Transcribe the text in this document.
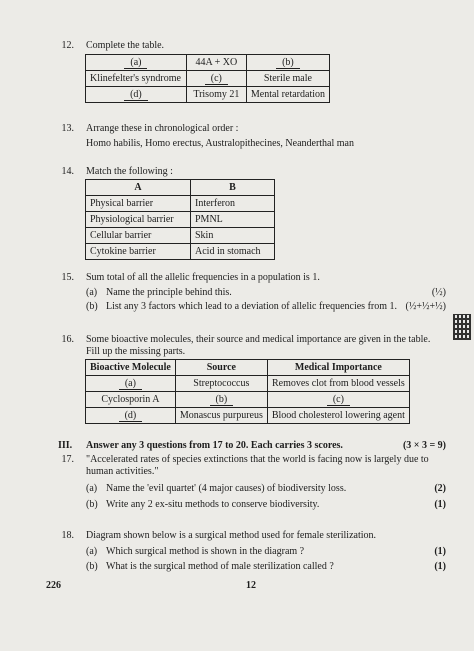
12. Complete the table.
(a)	44A + XO	(b)
Klinefelter's syndrome	(c)	Sterile male
(d)	Trisomy 21	Mental retardation
13. Arrange these in chronological order :
Homo habilis, Homo erectus, Australopithecines, Neanderthal man
14. Match the following :
A	B
Physical barrier	Interferon
Physiological barrier	PMNL
Cellular barrier	Skin
Cytokine barrier	Acid in stomach
15. Sum total of all the allelic frequencies in a population is 1.
(a) Name the principle behind this.	(½)
(b) List any 3 factors which lead to a deviation of allelic frequencies from 1. (½+½+½)
16. Some bioactive molecules, their source and medical importance are given in the table.
Fill up the missing parts.
Bioactive Molecule	Source	Medical Importance
(a)	Streptococcus	Removes clot from blood vessels
Cyclosporin A	(b)	(c)
(d)	Monascus purpureus	Blood cholesterol lowering agent
III. Answer any 3 questions from 17 to 20. Each carries 3 scores.	(3 × 3 = 9)
17. "Accelerated rates of species extinctions that the world is facing now is largely due to
human activities."
(a) Name the 'evil quartet' (4 major causes) of biodiversity loss.	(2)
(b) Write any 2 ex-situ methods to conserve biodiversity.	(1)
18. Diagram shown below is a surgical method used for female sterilization.
(a) Which surgical method is shown in the diagram ?	(1)
(b) What is the surgical method of male sterilization called ?	(1)
226	12
